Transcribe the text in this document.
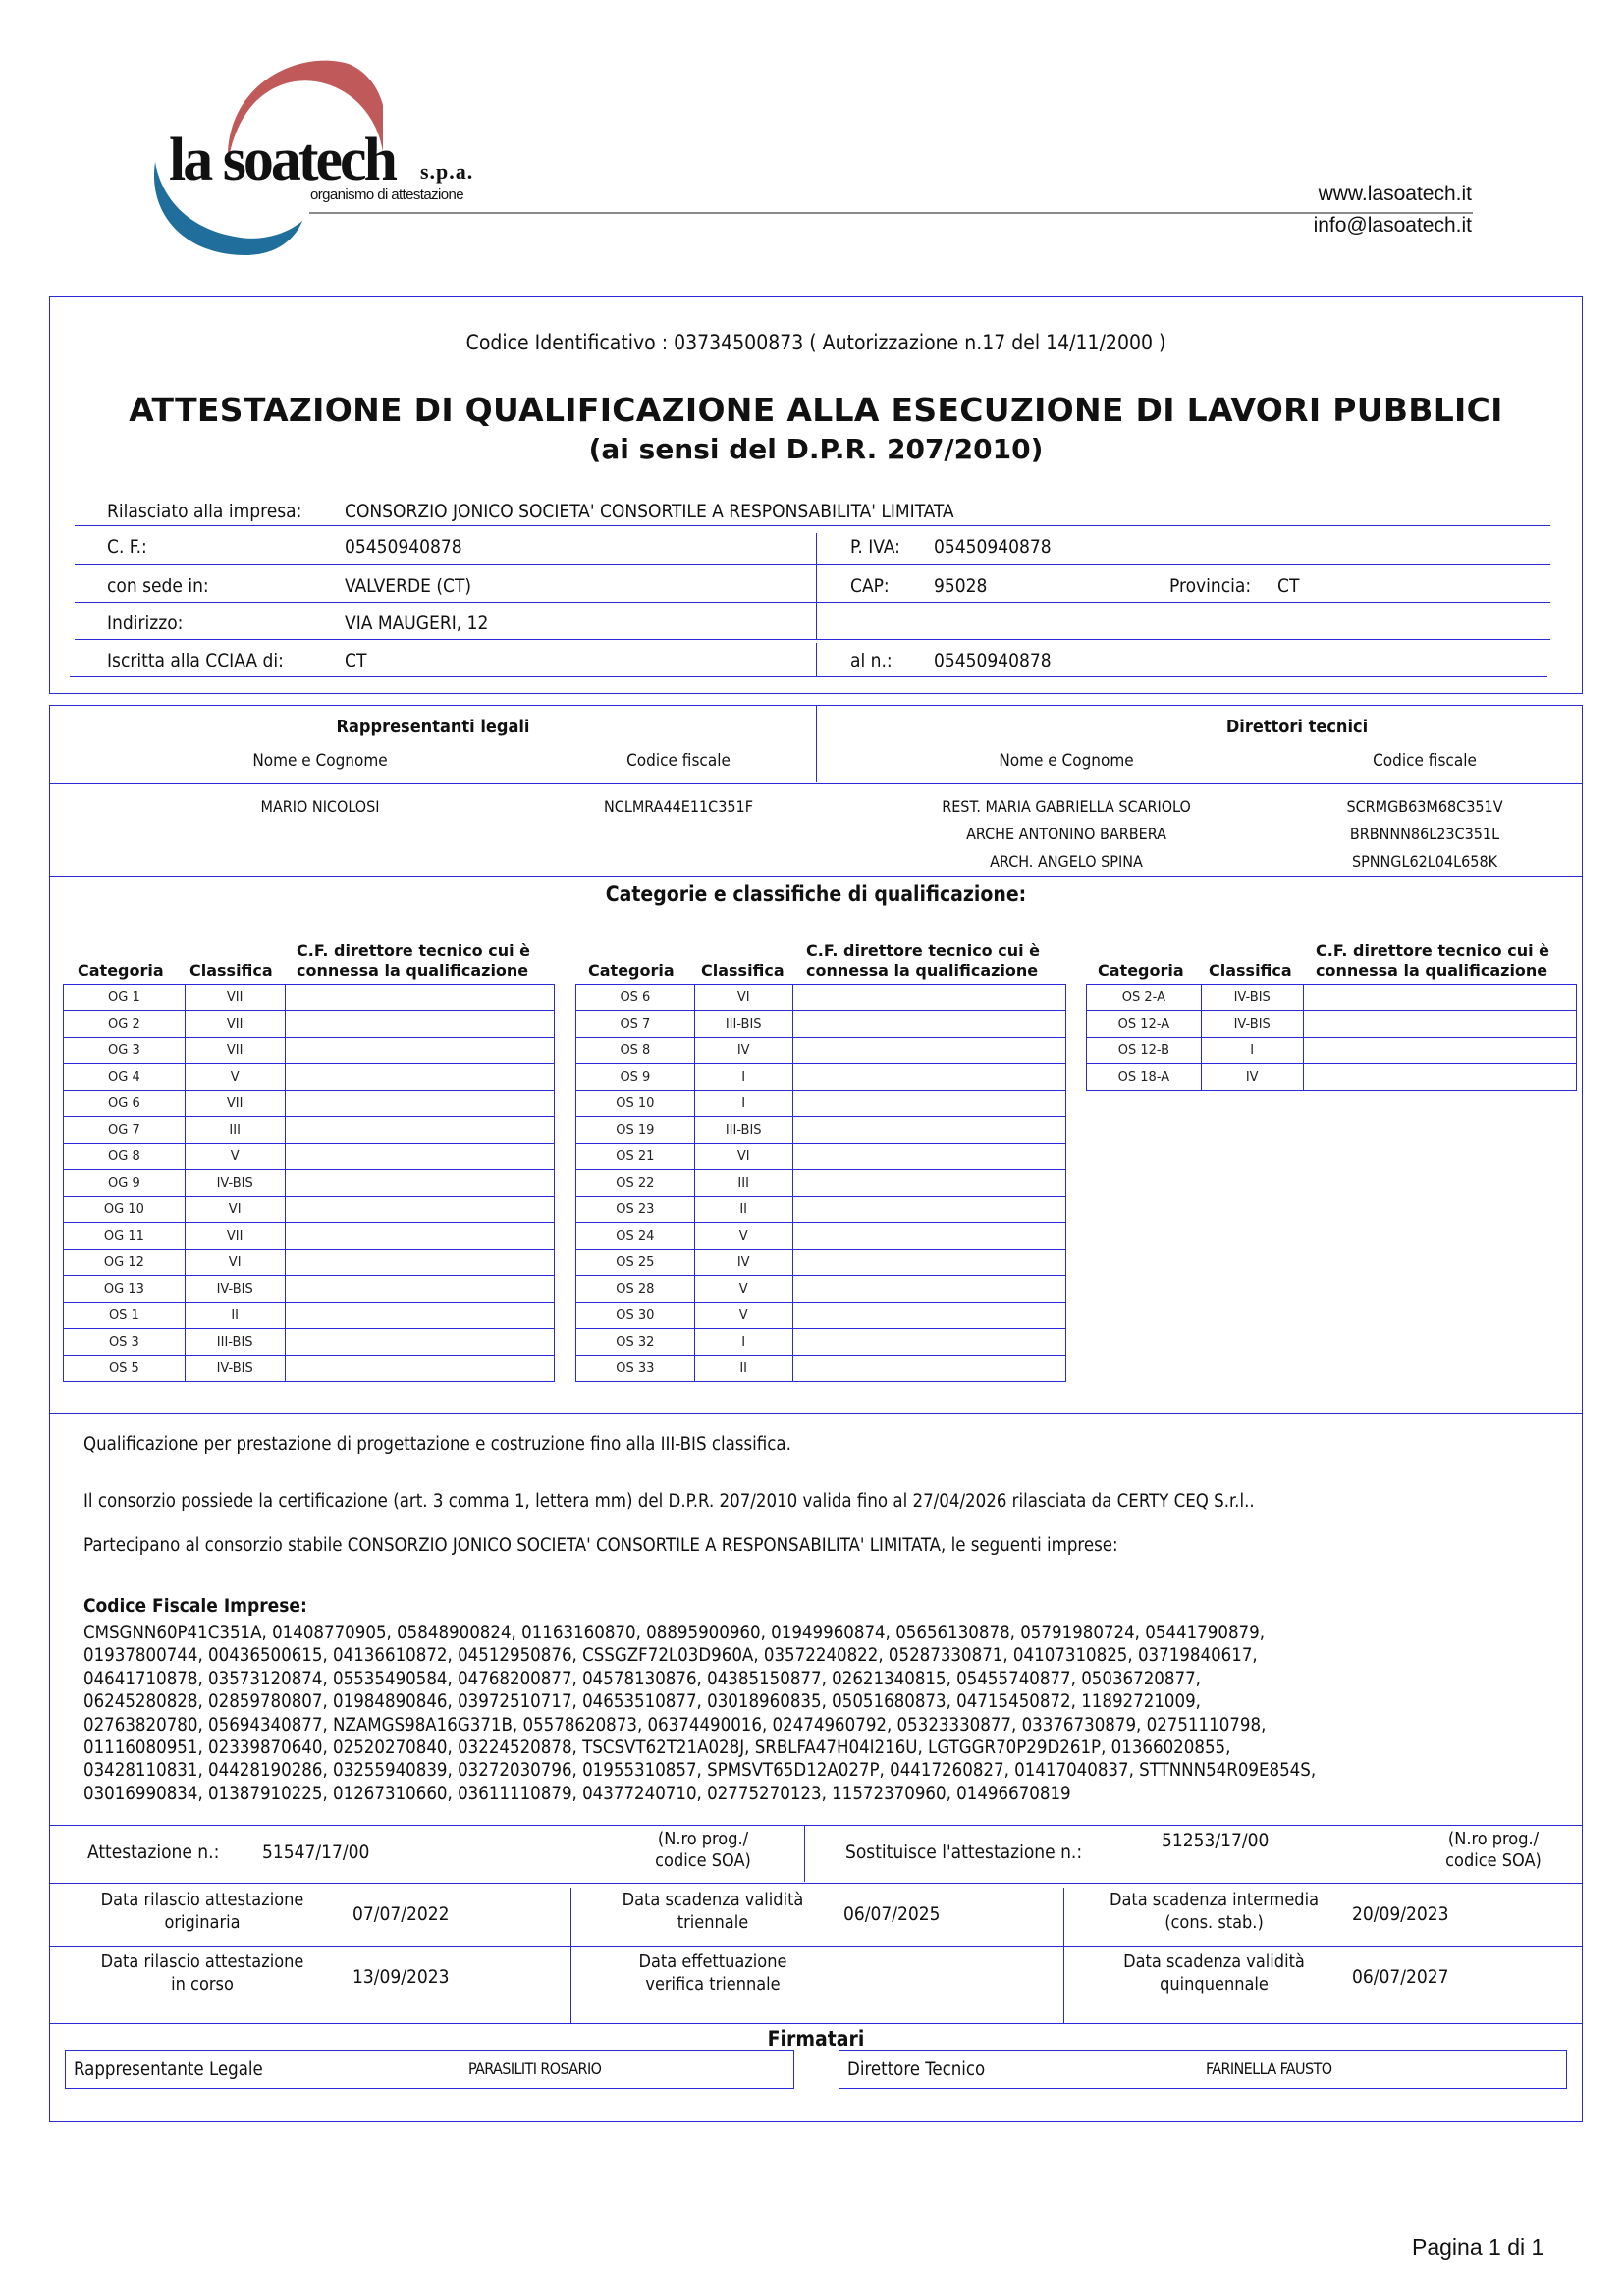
la soatech s.p.a.
organismo di attestazione	www.lasoatech.it
info@lasoatech.it
Codice Identificativo : 03734500873 ( Autorizzazione n.17 del 14/11/2000 )
ATTESTAZIONE DI QUALIFICAZIONE ALLA ESECUZIONE DI LAVORI PUBBLICI
(ai sensi del D.P.R. 207/2010)
Rilasciato alla impresa: CONSORZIO JONICO SOCIETA' CONSORTILE A RESPONSABILITA' LIMITATA
C. F.:	05450940878	P. IVA: 05450940878
con sede in:	VALVERDE (CT)	CAP: 95028	Provincia: CT
Indirizzo:	VIA MAUGERI, 12
Iscritta alla CCIAA di:	CT	al n.: 05450940878
Rappresentanti legali	Direttori tecnici
Nome e Cognome	Codice fiscale	Nome e Cognome	Codice fiscale
MARIO NICOLOSI	NCLMRA44E11C351F	REST. MARIA GABRIELLA SCARIOLO	SCRMGB63M68C351V
ARCHE ANTONINO BARBERA	BRBNNN86L23C351L
ARCH. ANGELO SPINA	SPNNGL62L04L658K
Categorie e classifiche di qualificazione:
Categoria Classifica
C.F. direttore tecnico cui è
connessa la qualificazione
OG 1	VII	
OG 2	VII	
OG 3	VII	
OG 4	V	
OG 6	VII	
OG 7	III	
OG 8	V	
OG 9	IV-BIS	
OG 10	VI	
OG 11	VII	
OG 12	VI	
OG 13	IV-BIS	
OS 1	II	
OS 3	III-BIS	
OS 5	IV-BIS	
Categoria Classifica
C.F. direttore tecnico cui è
connessa la qualificazione
OS 6	VI	
OS 7	III-BIS	
OS 8	IV	
OS 9	I	
OS 10	I	
OS 19	III-BIS	
OS 21	VI	
OS 22	III	
OS 23	II	
OS 24	V	
OS 25	IV	
OS 28	V	
OS 30	V	
OS 32	I	
OS 33	II	
Categoria Classifica
C.F. direttore tecnico cui è
connessa la qualificazione
OS 2-A	IV-BIS	
OS 12-A	IV-BIS	
OS 12-B	I	
OS 18-A	IV	
Qualificazione per prestazione di progettazione e costruzione fino alla III-BIS classifica.
Il consorzio possiede la certificazione (art. 3 comma 1, lettera mm) del D.P.R. 207/2010 valida fino al 27/04/2026 rilasciata da CERTY CEQ S.r.l..
Partecipano al consorzio stabile CONSORZIO JONICO SOCIETA' CONSORTILE A RESPONSABILITA' LIMITATA, le seguenti imprese:
Codice Fiscale Imprese:
Attestazione n.: 51547/17/00
(N.ro prog./
codice SOA)	Sostituisce l'attestazione n.:
51253/17/00	(N.ro prog./
codice SOA)
Data rilascio attestazione
originaria	07/07/2022
Data scadenza validità
triennale	06/07/2025
Data scadenza intermedia
(cons. stab.)	20/09/2023
Data rilascio attestazione
in corso	13/09/2023
Data effettuazione
verifica triennale
Data scadenza validità
quinquennale	06/07/2027
Firmatari
Rappresentante Legale	PARASILITI ROSARIO	Direttore Tecnico	FARINELLA FAUSTO
CMSGNN60P41C351A, 01408770905, 05848900824, 01163160870, 08895900960, 01949960874, 05656130878, 05791980724, 05441790879,
01937800744, 00436500615, 04136610872, 04512950876, CSSGZF72L03D960A, 03572240822, 05287330871, 04107310825, 03719840617,
04641710878, 03573120874, 05535490584, 04768200877, 04578130876, 04385150877, 02621340815, 05455740877, 05036720877,
06245280828, 02859780807, 01984890846, 03972510717, 04653510877, 03018960835, 05051680873, 04715450872, 11892721009,
02763820780, 05694340877, NZAMGS98A16G371B, 05578620873, 06374490016, 02474960792, 05323330877, 03376730879, 02751110798,
01116080951, 02339870640, 02520270840, 03224520878, TSCSVT62T21A028J, SRBLFA47H04I216U, LGTGGR70P29D261P, 01366020855,
03428110831, 04428190286, 03255940839, 03272030796, 01955310857, SPMSVT65D12A027P, 04417260827, 01417040837, STTNNN54R09E854S,
03016990834, 01387910225, 01267310660, 03611110879, 04377240710, 02775270123, 11572370960, 01496670819
Pagina 1 di 1
